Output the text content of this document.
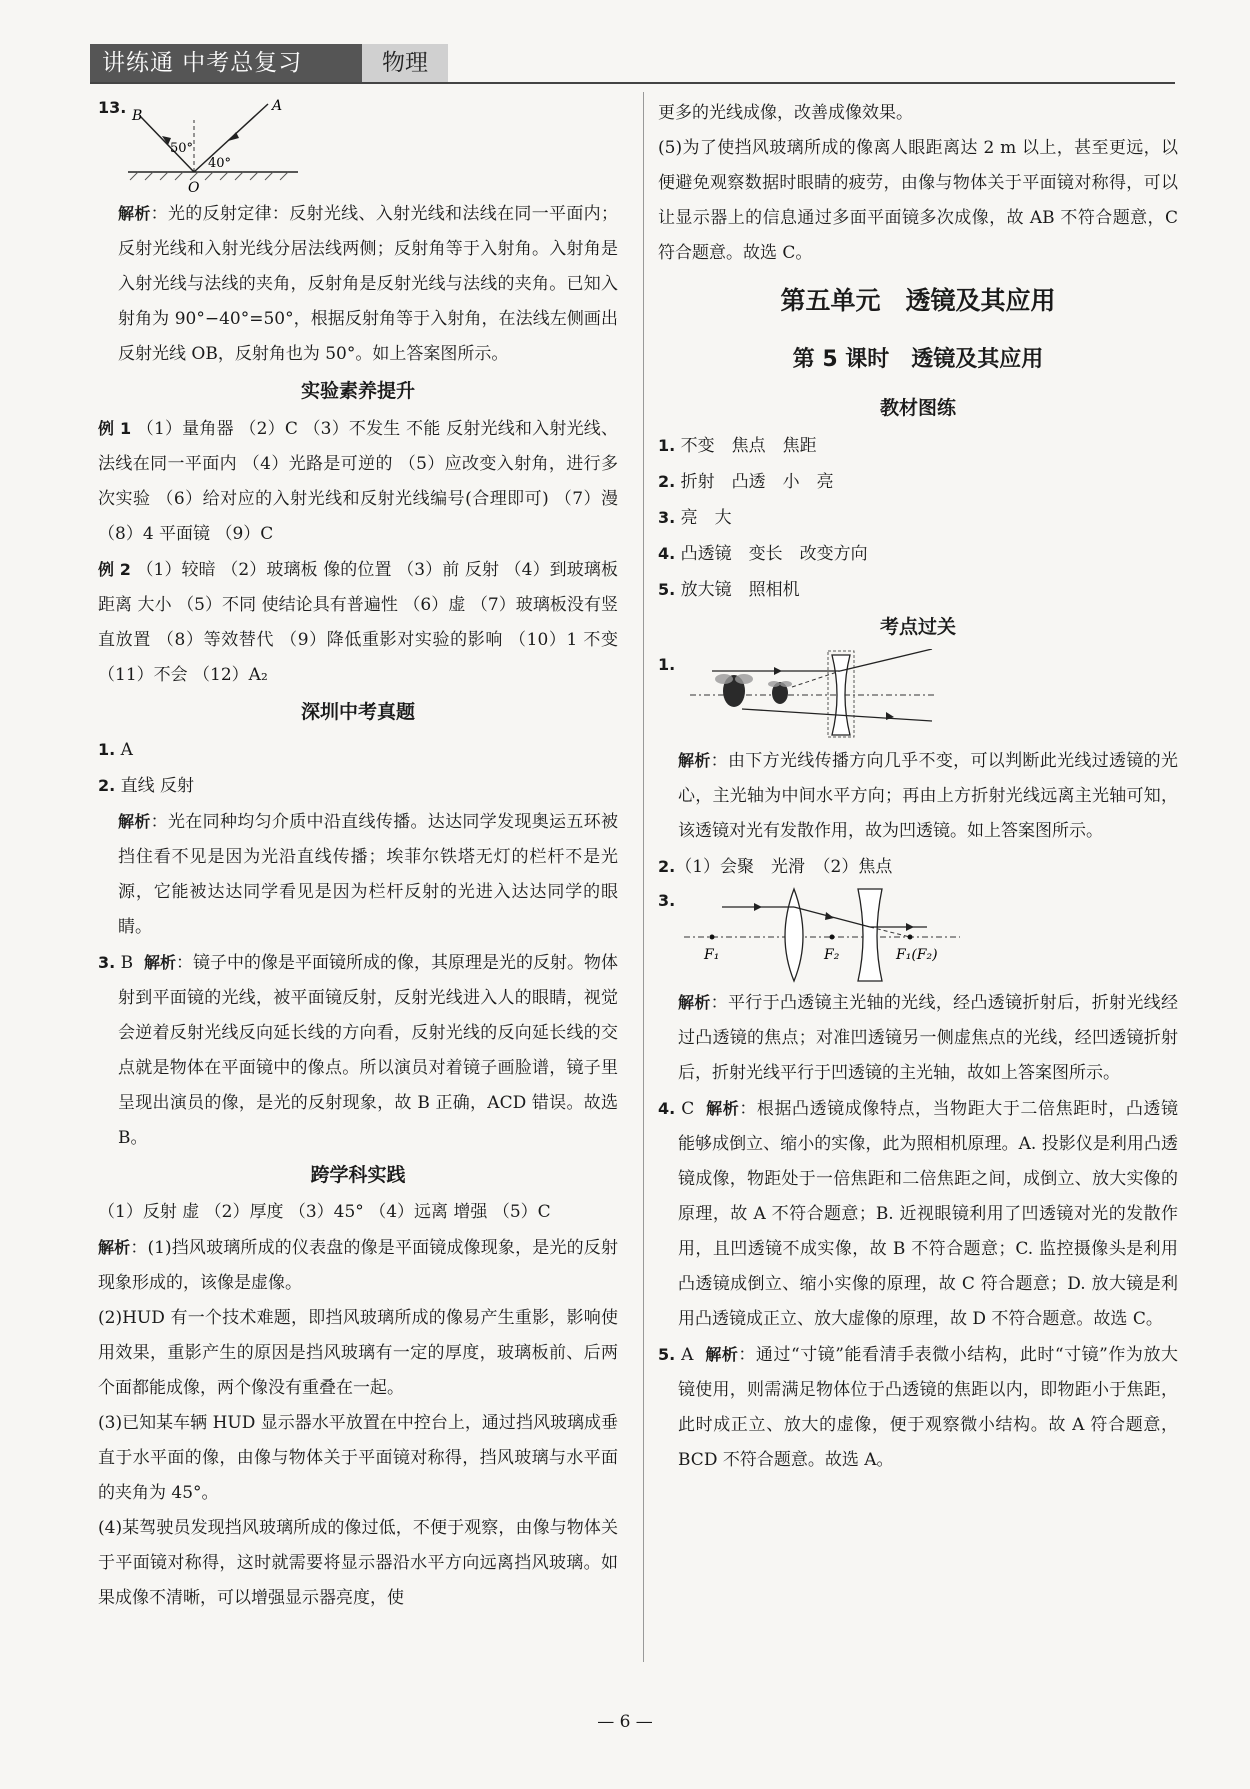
讲练通 中考总复习	物理
13. B
A
O
50°
40°

解析：光的反射定律：反射光线、入射光线和法线在同一平面内；反射光线和入射光线分居法线两侧；反射角等于入射角。入射角是入射光线与法线的夹角，反射角是反射光线与法线的夹角。已知入射角为 90°−40°=50°，根据反射角等于入射角，在法线左侧画出反射光线 OB，反射角也为 50°。如上答案图所示。

实验素养提升

例 1 （1）量角器 （2）C （3）不发生 不能 反射光线和入射光线、法线在同一平面内 （4）光路是可逆的 （5）应改变入射角，进行多次实验 （6）给对应的入射光线和反射光线编号(合理即可) （7）漫 （8）4 平面镜 （9）C

例 2 （1）较暗 （2）玻璃板 像的位置 （3）前 反射 （4）到玻璃板距离 大小 （5）不同 使结论具有普遍性 （6）虚 （7）玻璃板没有竖直放置 （8）等效替代 （9）降低重影对实验的影响 （10）1 不变 （11）不会 （12）A₂

深圳中考真题

1. A

2. 直线 反射

解析：光在同种均匀介质中沿直线传播。达达同学发现奥运五环被挡住看不见是因为光沿直线传播；埃菲尔铁塔无灯的栏杆不是光源，它能被达达同学看见是因为栏杆反射的光进入达达同学的眼睛。

3. B 解析：镜子中的像是平面镜所成的像，其原理是光的反射。物体射到平面镜的光线，被平面镜反射，反射光线进入人的眼睛，视觉会逆着反射光线反向延长线的方向看，反射光线的反向延长线的交点就是物体在平面镜中的像点。所以演员对着镜子画脸谱，镜子里呈现出演员的像，是光的反射现象，故 B 正确，ACD 错误。故选 B。

跨学科实践

（1）反射 虚 （2）厚度 （3）45° （4）远离 增强 （5）C

解析：(1)挡风玻璃所成的仪表盘的像是平面镜成像现象，是光的反射现象形成的，该像是虚像。

(2)HUD 有一个技术难题，即挡风玻璃所成的像易产生重影，影响使用效果，重影产生的原因是挡风玻璃有一定的厚度，玻璃板前、后两个面都能成像，两个像没有重叠在一起。

(3)已知某车辆 HUD 显示器水平放置在中控台上，通过挡风玻璃成垂直于水平面的像，由像与物体关于平面镜对称得，挡风玻璃与水平面的夹角为 45°。

(4)某驾驶员发现挡风玻璃所成的像过低，不便于观察，由像与物体关于平面镜对称得，这时就需要将显示器沿水平方向远离挡风玻璃。如果成像不清晰，可以增强显示器亮度，使

更多的光线成像，改善成像效果。

(5)为了使挡风玻璃所成的像离人眼距离达 2 m 以上，甚至更远，以便避免观察数据时眼睛的疲劳，由像与物体关于平面镜对称得，可以让显示器上的信息通过多面平面镜多次成像，故 AB 不符合题意，C 符合题意。故选 C。

第五单元　透镜及其应用
第 5 课时　透镜及其应用
教材图练

1. 不变　焦点　焦距

2. 折射　凸透　小　亮

3. 亮　大

4. 凸透镜　变长　改变方向

5. 放大镜　照相机

考点过关
1.

解析：由下方光线传播方向几乎不变，可以判断此光线过透镜的光心，主光轴为中间水平方向；再由上方折射光线远离主光轴可知，该透镜对光有发散作用，故为凹透镜。如上答案图所示。

2.（1）会聚　光滑　（2）焦点

3.
F₁	F₂	F₁(F₂)

解析：平行于凸透镜主光轴的光线，经凸透镜折射后，折射光线经过凸透镜的焦点；对准凹透镜另一侧虚焦点的光线，经凹透镜折射后，折射光线平行于凹透镜的主光轴，故如上答案图所示。

4. C 解析：根据凸透镜成像特点，当物距大于二倍焦距时，凸透镜能够成倒立、缩小的实像，此为照相机原理。A. 投影仪是利用凸透镜成像，物距处于一倍焦距和二倍焦距之间，成倒立、放大实像的原理，故 A 不符合题意；B. 近视眼镜利用了凹透镜对光的发散作用，且凹透镜不成实像，故 B 不符合题意；C. 监控摄像头是利用凸透镜成倒立、缩小实像的原理，故 C 符合题意；D. 放大镜是利用凸透镜成正立、放大虚像的原理，故 D 不符合题意。故选 C。

5. A 解析：通过“寸镜”能看清手表微小结构，此时“寸镜”作为放大镜使用，则需满足物体位于凸透镜的焦距以内，即物距小于焦距，此时成正立、放大的虚像，便于观察微小结构。故 A 符合题意，BCD 不符合题意。故选 A。

— 6 —
